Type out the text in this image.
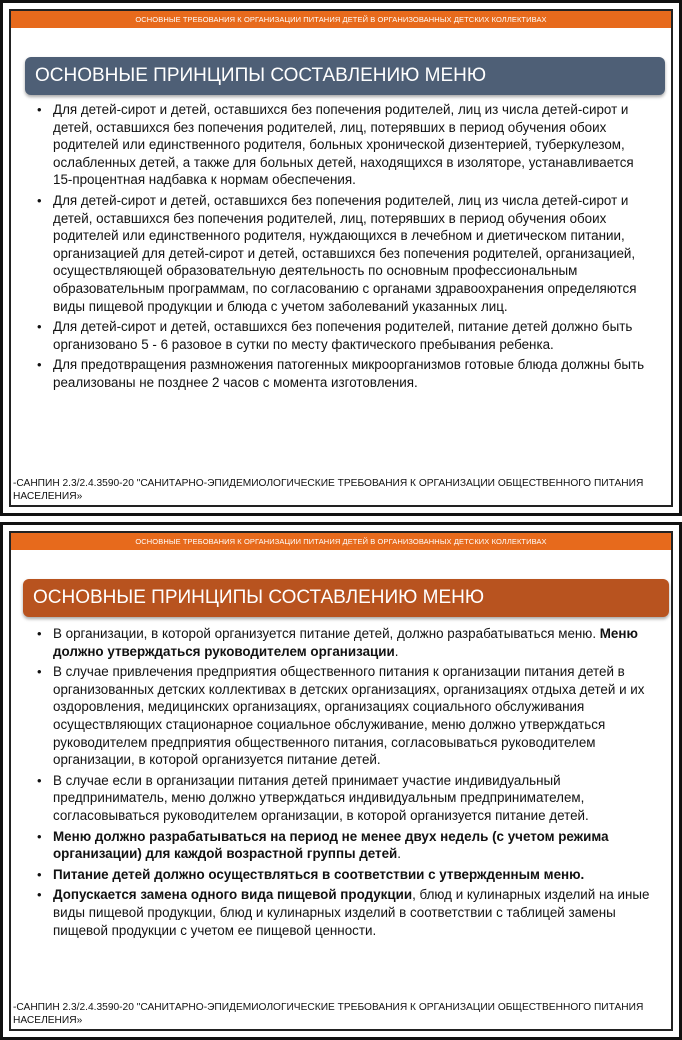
ОСНОВНЫЕ ТРЕБОВАНИЯ К ОРГАНИЗАЦИИ ПИТАНИЯ ДЕТЕЙ В ОРГАНИЗОВАННЫХ ДЕТСКИХ КОЛЛЕКТИВАХ
ОСНОВНЫЕ ПРИНЦИПЫ СОСТАВЛЕНИЮ МЕНЮ
• Для детей-сирот и детей, оставшихся без попечения родителей, лиц из числа детей-сирот и детей, оставшихся без попечения родителей, лиц, потерявших в период обучения обоих родителей или единственного родителя, больных хронической дизентерией, туберкулезом, ослабленных детей, а также для больных детей, находящихся в изоляторе, устанавливается 15-процентная надбавка к нормам обеспечения.
• Для детей-сирот и детей, оставшихся без попечения родителей, лиц из числа детей-сирот и детей, оставшихся без попечения родителей, лиц, потерявших в период обучения обоих родителей или единственного родителя, нуждающихся в лечебном и диетическом питании, организацией для детей-сирот и детей, оставшихся без попечения родителей, организацией, осуществляющей образовательную деятельность по основным профессиональным образовательным программам, по согласованию с органами здравоохранения определяются виды пищевой продукции и блюда с учетом заболеваний указанных лиц.
• Для детей-сирот и детей, оставшихся без попечения родителей, питание детей должно быть организовано 5 - 6 разовое в сутки по месту фактического пребывания ребенка.
• Для предотвращения размножения патогенных микроорганизмов готовые блюда должны быть реализованы не позднее 2 часов с момента изготовления.
-САНПИН 2.3/2.4.3590-20 "САНИТАРНО-ЭПИДЕМИОЛОГИЧЕСКИЕ ТРЕБОВАНИЯ К ОРГАНИЗАЦИИ ОБЩЕСТВЕННОГО ПИТАНИЯ НАСЕЛЕНИЯ»
ОСНОВНЫЕ ТРЕБОВАНИЯ К ОРГАНИЗАЦИИ ПИТАНИЯ ДЕТЕЙ В ОРГАНИЗОВАННЫХ ДЕТСКИХ КОЛЛЕКТИВАХ
ОСНОВНЫЕ ПРИНЦИПЫ СОСТАВЛЕНИЮ МЕНЮ
• В организации, в которой организуется питание детей, должно разрабатываться меню. Меню должно утверждаться руководителем организации.
• В случае привлечения предприятия общественного питания к организации питания детей в организованных детских коллективах в детских организациях, организациях отдыха детей и их оздоровления, медицинских организациях, организациях социального обслуживания осуществляющих стационарное социальное обслуживание, меню должно утверждаться руководителем предприятия общественного питания, согласовываться руководителем организации, в которой организуется питание детей.
• В случае если в организации питания детей принимает участие индивидуальный предприниматель, меню должно утверждаться индивидуальным предпринимателем, согласовываться руководителем организации, в которой организуется питание детей.
• Меню должно разрабатываться на период не менее двух недель (с учетом режима организации) для каждой возрастной группы детей.
• Питание детей должно осуществляться в соответствии с утвержденным меню.
• Допускается замена одного вида пищевой продукции, блюд и кулинарных изделий на иные виды пищевой продукции, блюд и кулинарных изделий в соответствии с таблицей замены пищевой продукции с учетом ее пищевой ценности.
-САНПИН 2.3/2.4.3590-20 "САНИТАРНО-ЭПИДЕМИОЛОГИЧЕСКИЕ ТРЕБОВАНИЯ К ОРГАНИЗАЦИИ ОБЩЕСТВЕННОГО ПИТАНИЯ НАСЕЛЕНИЯ»
